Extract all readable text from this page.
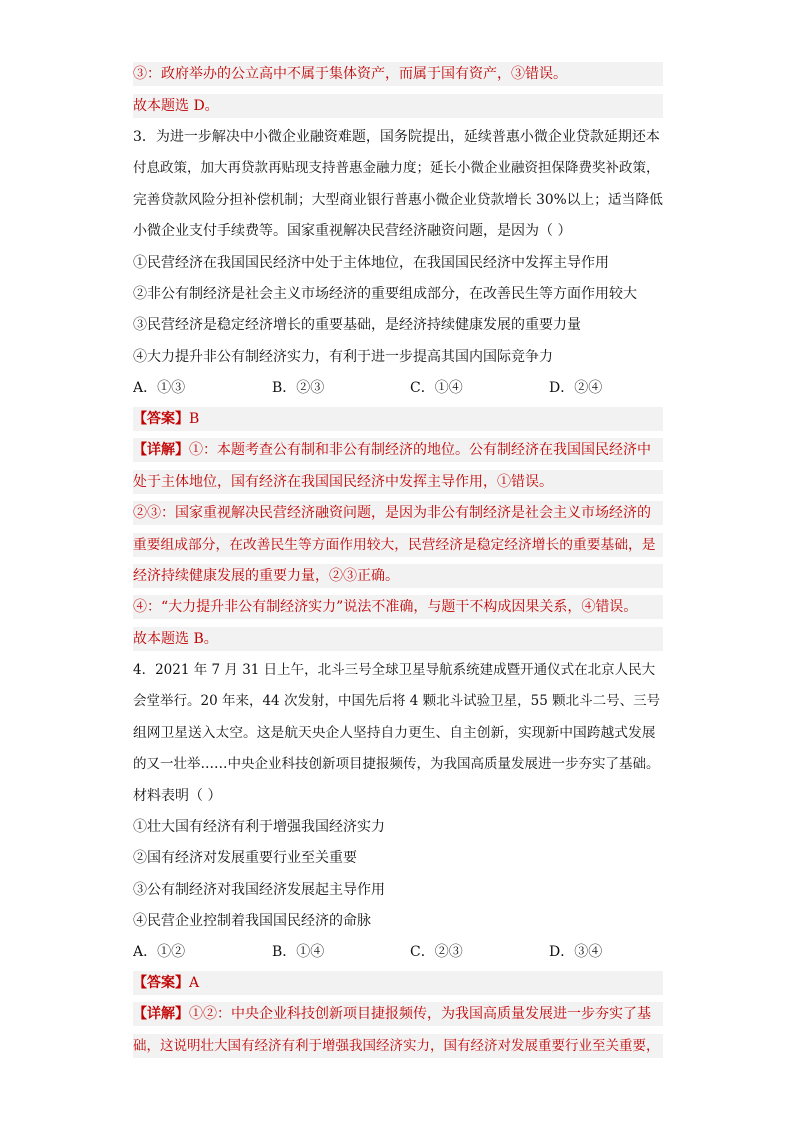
③：政府举办的公立高中不属于集体资产，而属于国有资产，③错误。
故本题选 D。
3．为进一步解决中小微企业融资难题，国务院提出，延续普惠小微企业贷款延期还本
付息政策，加大再贷款再贴现支持普惠金融力度；延长小微企业融资担保降费奖补政策，
完善贷款风险分担补偿机制；大型商业银行普惠小微企业贷款增长 30%以上；适当降低
小微企业支付手续费等。国家重视解决民营经济融资问题，是因为（ ）
①民营经济在我国国民经济中处于主体地位，在我国国民经济中发挥主导作用
②非公有制经济是社会主义市场经济的重要组成部分，在改善民生等方面作用较大
③民营经济是稳定经济增长的重要基础，是经济持续健康发展的重要力量
④大力提升非公有制经济实力，有利于进一步提高其国内国际竞争力
A．①③	B．②③	C．①④	D．②④
【答案】B
【详解】①：本题考查公有制和非公有制经济的地位。公有制经济在我国国民经济中
处于主体地位，国有经济在我国国民经济中发挥主导作用，①错误。
②③：国家重视解决民营经济融资问题，是因为非公有制经济是社会主义市场经济的
重要组成部分，在改善民生等方面作用较大，民营经济是稳定经济增长的重要基础，是
经济持续健康发展的重要力量，②③正确。
④：“大力提升非公有制经济实力”说法不准确，与题干不构成因果关系，④错误。
故本题选 B。
4．2021 年 7 月 31 日上午，北斗三号全球卫星导航系统建成暨开通仪式在北京人民大
会堂举行。20 年来，44 次发射，中国先后将 4 颗北斗试验卫星，55 颗北斗二号、三号
组网卫星送入太空。这是航天央企人坚持自力更生、自主创新，实现新中国跨越式发展
的又一壮举……中央企业科技创新项目捷报频传，为我国高质量发展进一步夯实了基础。
材料表明（ ）
①壮大国有经济有利于增强我国经济实力
②国有经济对发展重要行业至关重要
③公有制经济对我国经济发展起主导作用
④民营企业控制着我国国民经济的命脉
A．①②	B．①④	C．②③	D．③④
【答案】A
【详解】①②：中央企业科技创新项目捷报频传，为我国高质量发展进一步夯实了基
础，这说明壮大国有经济有利于增强我国经济实力，国有经济对发展重要行业至关重要，
